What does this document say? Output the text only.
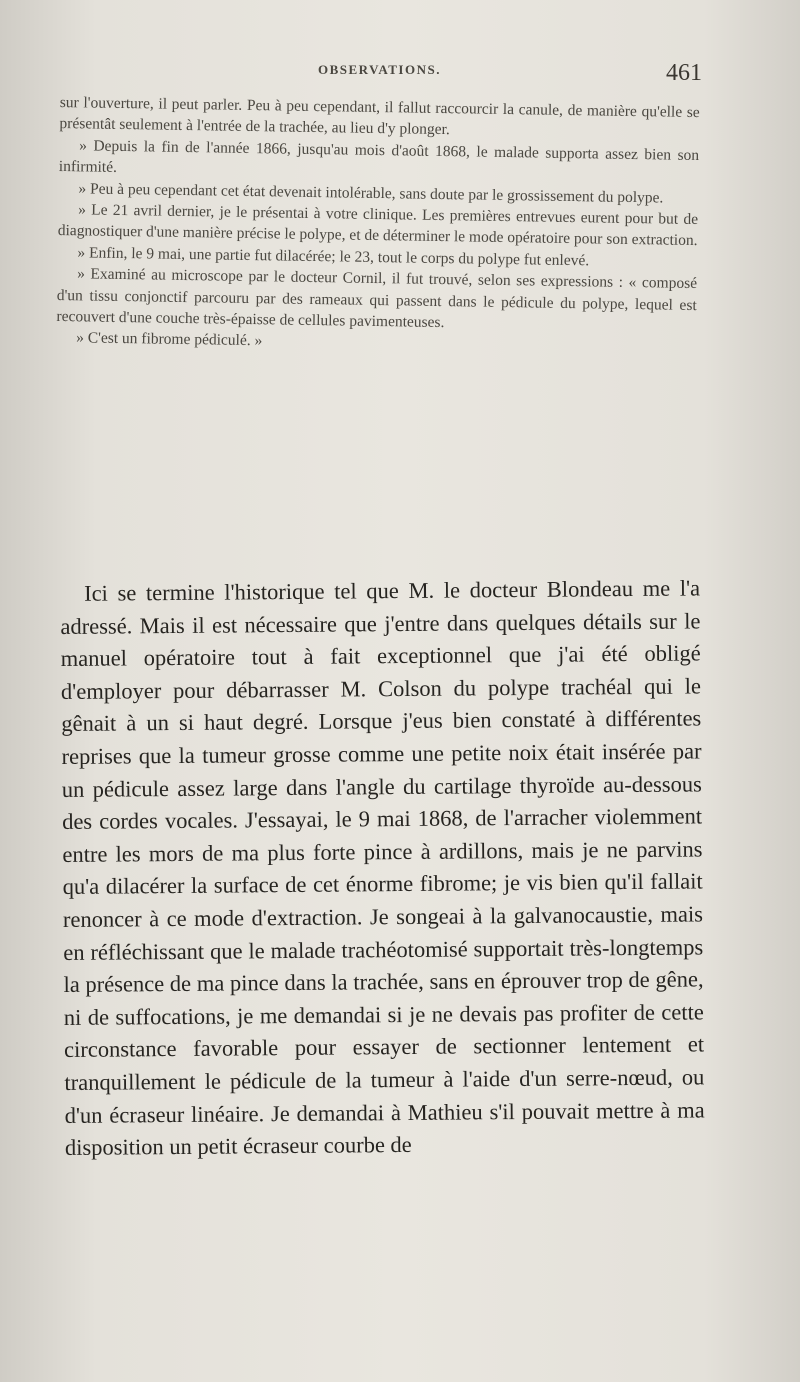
OBSERVATIONS.	461

sur l'ouverture, il peut parler. Peu à peu cependant, il fallut raccourcir la canule, de manière qu'elle se présentât seulement à l'entrée de la trachée, au lieu d'y plonger.

» Depuis la fin de l'année 1866, jusqu'au mois d'août 1868, le malade supporta assez bien son infirmité.

» Peu à peu cependant cet état devenait intolérable, sans doute par le grossissement du polype.

» Le 21 avril dernier, je le présentai à votre clinique. Les premières entrevues eurent pour but de diagnostiquer d'une manière précise le polype, et de déterminer le mode opératoire pour son extraction.

» Enfin, le 9 mai, une partie fut dilacérée; le 23, tout le corps du polype fut enlevé.

» Examiné au microscope par le docteur Cornil, il fut trouvé, selon ses expressions : « composé d'un tissu conjonctif parcouru par des rameaux qui passent dans le pédicule du polype, lequel est recouvert d'une couche très-épaisse de cellules pavimenteuses.

» C'est un fibrome pédiculé. »

Ici se termine l'historique tel que M. le docteur Blondeau me l'a adressé. Mais il est nécessaire que j'entre dans quelques détails sur le manuel opératoire tout à fait exceptionnel que j'ai été obligé d'employer pour débarrasser M. Colson du polype trachéal qui le gênait à un si haut degré. Lorsque j'eus bien constaté à différentes reprises que la tumeur grosse comme une petite noix était insérée par un pédicule assez large dans l'angle du cartilage thyroïde au-dessous des cordes vocales. J'essayai, le 9 mai 1868, de l'arracher violemment entre les mors de ma plus forte pince à ardillons, mais je ne parvins qu'a dilacérer la surface de cet énorme fibrome; je vis bien qu'il fallait renoncer à ce mode d'extraction. Je songeai à la galvanocaustie, mais en réfléchissant que le malade trachéotomisé supportait très-longtemps la présence de ma pince dans la trachée, sans en éprouver trop de gêne, ni de suffocations, je me demandai si je ne devais pas profiter de cette circonstance favorable pour essayer de sectionner lentement et tranquillement le pédicule de la tumeur à l'aide d'un serre-nœud, ou d'un écraseur linéaire. Je demandai à Mathieu s'il pouvait mettre à ma disposition un petit écraseur courbe de
